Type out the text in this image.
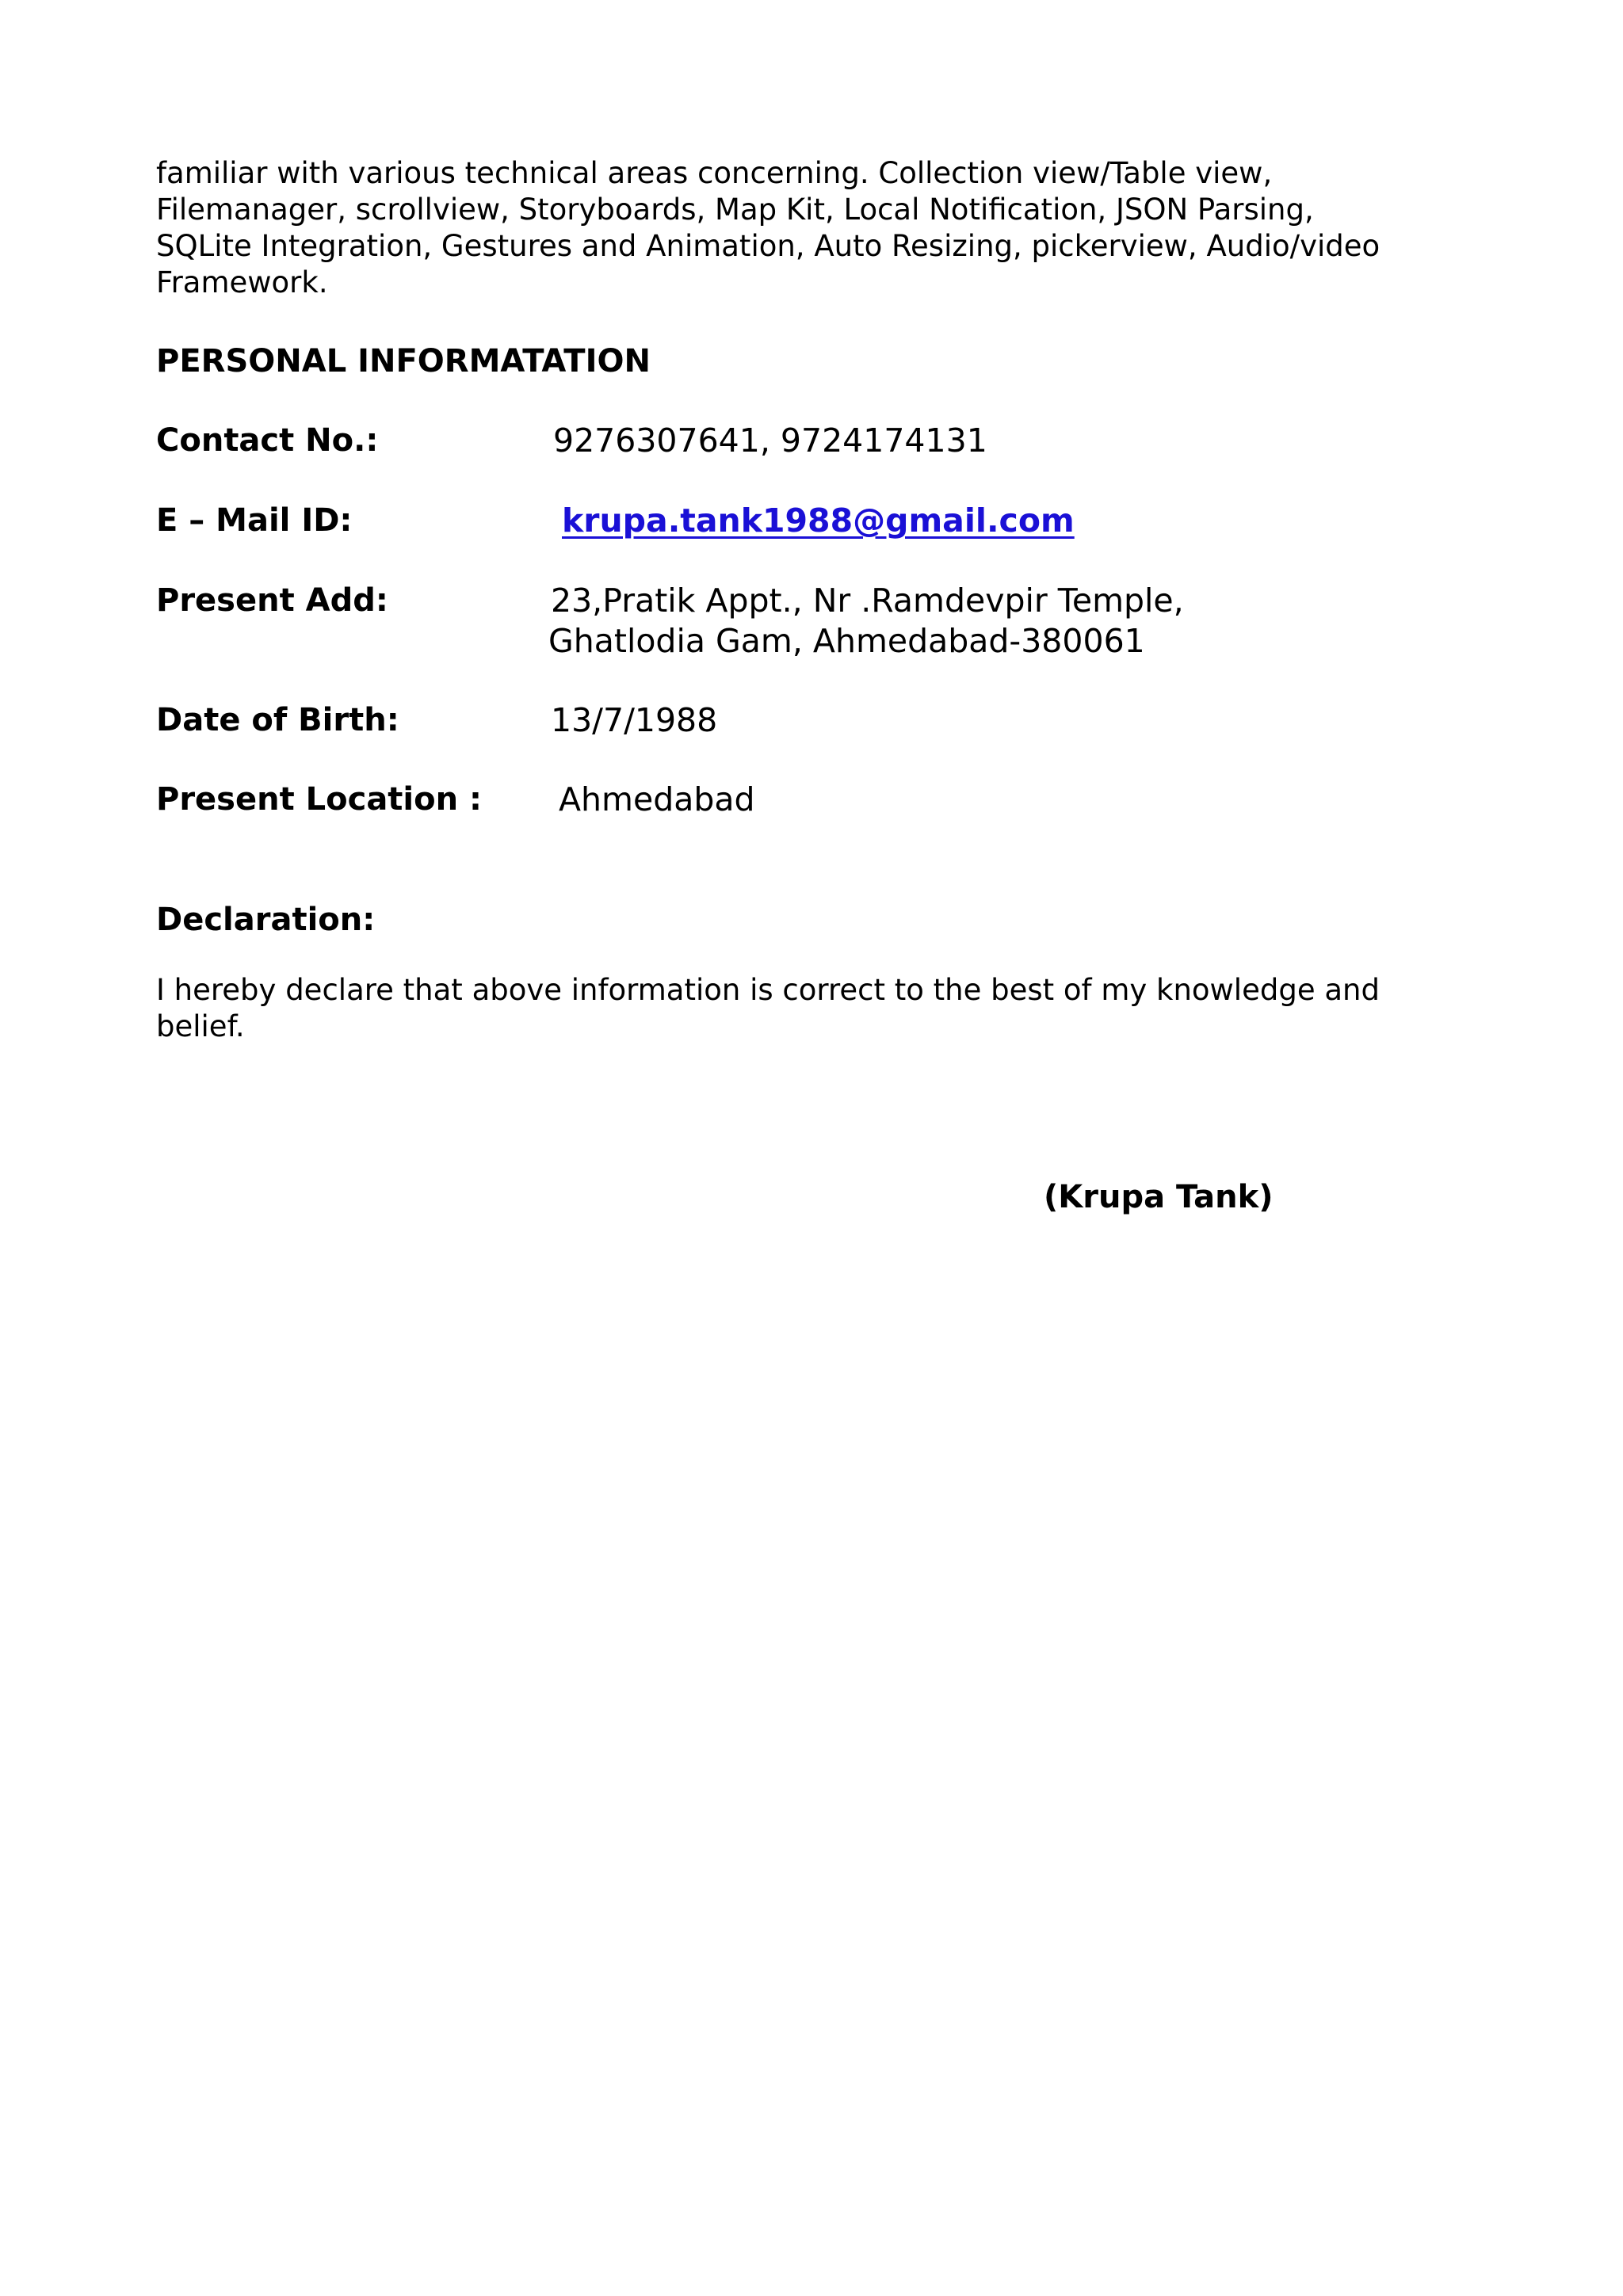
familiar with various technical areas concerning. Collection view/Table view,
Filemanager, scrollview, Storyboards, Map Kit, Local Notification, JSON Parsing,
SQLite Integration, Gestures and Animation, Auto Resizing, pickerview, Audio/video
Framework.
PERSONAL INFORMATATION
Contact No.:	9276307641, 9724174131
E – Mail ID:	krupa.tank1988@gmail.com
Present Add:	23,Pratik Appt., Nr .Ramdevpir Temple,
Ghatlodia Gam, Ahmedabad-380061
Date of Birth:	13/7/1988
Present Location : Ahmedabad
Declaration:
I hereby declare that above information is correct to the best of my knowledge and
belief.
(Krupa Tank)
